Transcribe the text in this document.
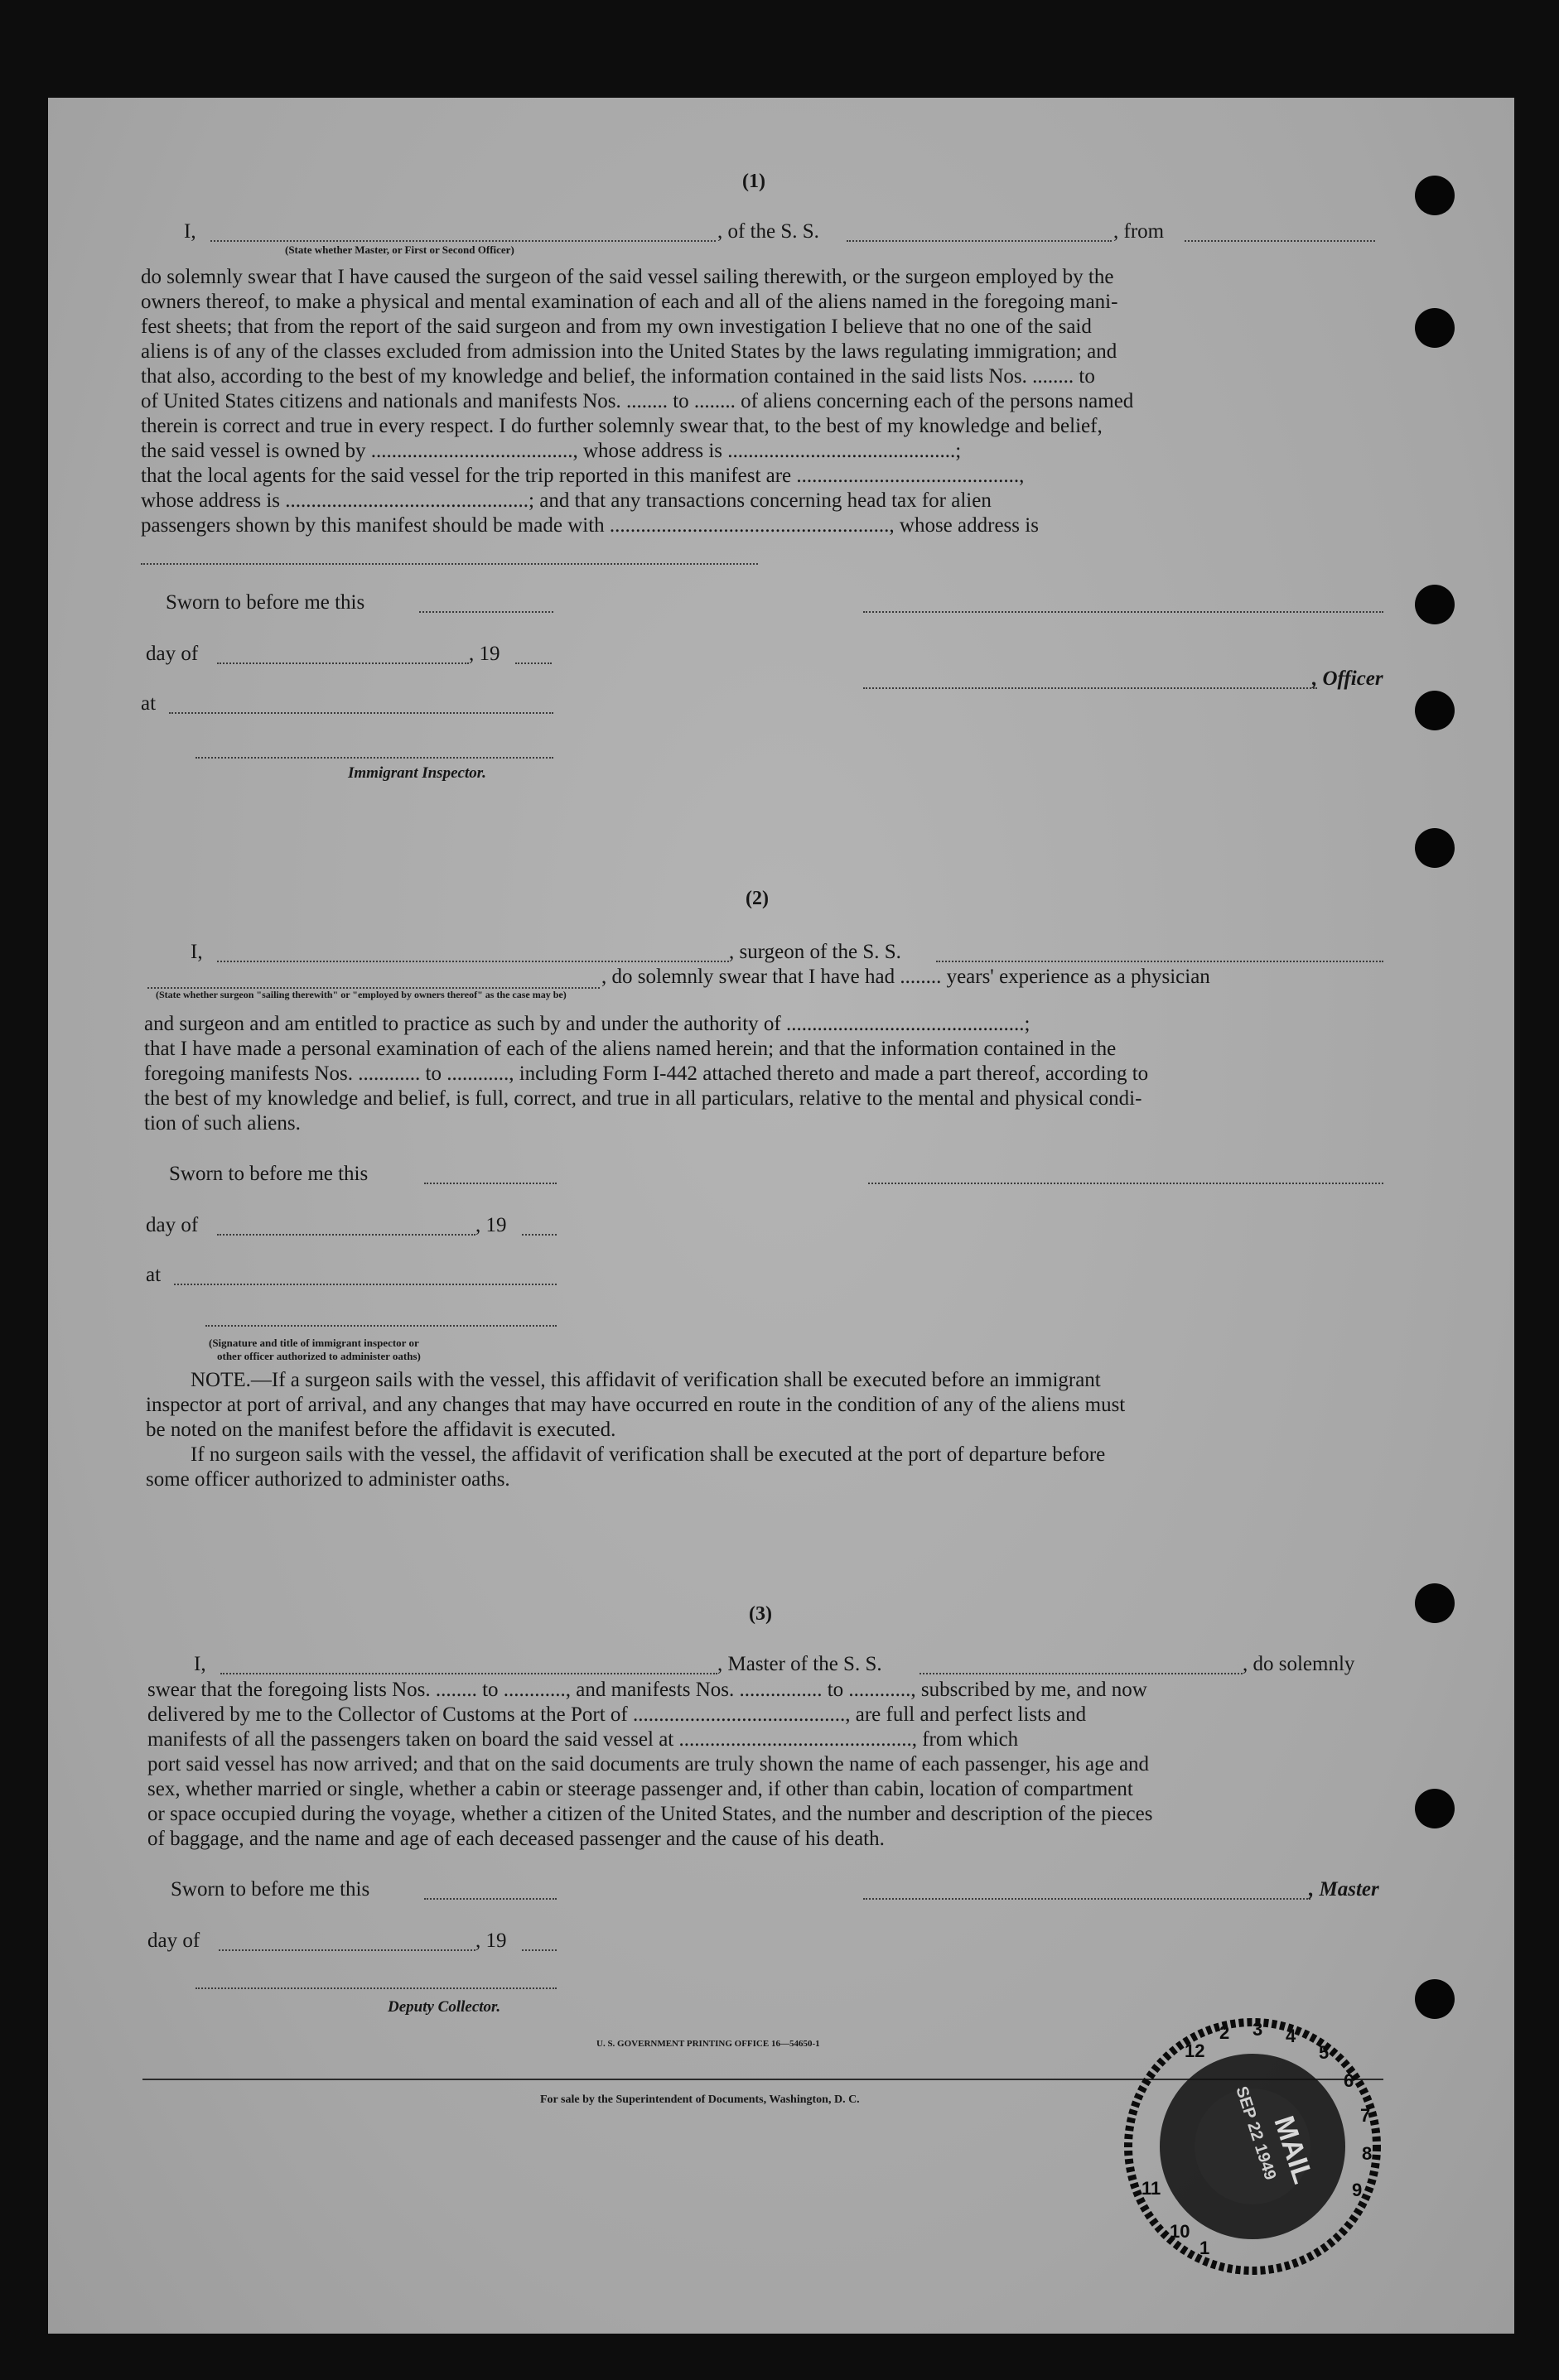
(1)
I,	, of the S. S.	, from
(State whether Master, or First or Second Officer)

do solemnly swear that I have caused the surgeon of the said vessel sailing therewith, or the surgeon employed by the

owners thereof, to make a physical and mental examination of each and all of the aliens named in the foregoing mani-

fest sheets; that from the report of the said surgeon and from my own investigation I believe that no one of the said

aliens is of any of the classes excluded from admission into the United States by the laws regulating immigration; and

that also, according to the best of my knowledge and belief, the information contained in the said lists Nos. ........ to

of United States citizens and nationals and manifests Nos. ........ to ........ of aliens concerning each of the persons named

therein is correct and true in every respect. I do further solemnly swear that, to the best of my knowledge and belief,

the said vessel is owned by ......................................., whose address is ............................................;

that the local agents for the said vessel for the trip reported in this manifest are ...........................................,

whose address is ...............................................; and that any transactions concerning head tax for alien

passengers shown by this manifest should be made with ......................................................, whose address is

Sworn to before me this
day of	, 19
, Officer
at
Immigrant Inspector.
(2)
I,	, surgeon of the S. S.
, do solemnly swear that I have had ........ years' experience as a physician
(State whether surgeon "sailing therewith" or "employed by owners thereof" as the case may be)

and surgeon and am entitled to practice as such by and under the authority of ..............................................;

that I have made a personal examination of each of the aliens named herein; and that the information contained in the

foregoing manifests Nos. ............ to ............, including Form I-442 attached thereto and made a part thereof, according to

the best of my knowledge and belief, is full, correct, and true in all particulars, relative to the mental and physical condi-

tion of such aliens.

Sworn to before me this
day of	, 19
at
(Signature and title of immigrant inspector or
other officer authorized to administer oaths)

NOTE.—If a surgeon sails with the vessel, this affidavit of verification shall be executed before an immigrant

inspector at port of arrival, and any changes that may have occurred en route in the condition of any of the aliens must

be noted on the manifest before the affidavit is executed.

If no surgeon sails with the vessel, the affidavit of verification shall be executed at the port of departure before

some officer authorized to administer oaths.

(3)
I,	, Master of the S. S.	, do solemnly

swear that the foregoing lists Nos. ........ to ............, and manifests Nos. ................ to ............, subscribed by me, and now

delivered by me to the Collector of Customs at the Port of ........................................., are full and perfect lists and

manifests of all the passengers taken on board the said vessel at ............................................., from which

port said vessel has now arrived; and that on the said documents are truly shown the name of each passenger, his age and

sex, whether married or single, whether a cabin or steerage passenger and, if other than cabin, location of compartment

or space occupied during the voyage, whether a citizen of the United States, and the number and description of the pieces

of baggage, and the name and age of each deceased passenger and the cause of his death.

Sworn to before me this	, Master
day of	, 19
Deputy Collector.
U. S. GOVERNMENT PRINTING OFFICE 16—54650-1
For sale by the Superintendent of Documents, Washington, D. C.
MAIL
SEP 22 1949
2 3 4
5
6
7
8
9
10
11
12
1
